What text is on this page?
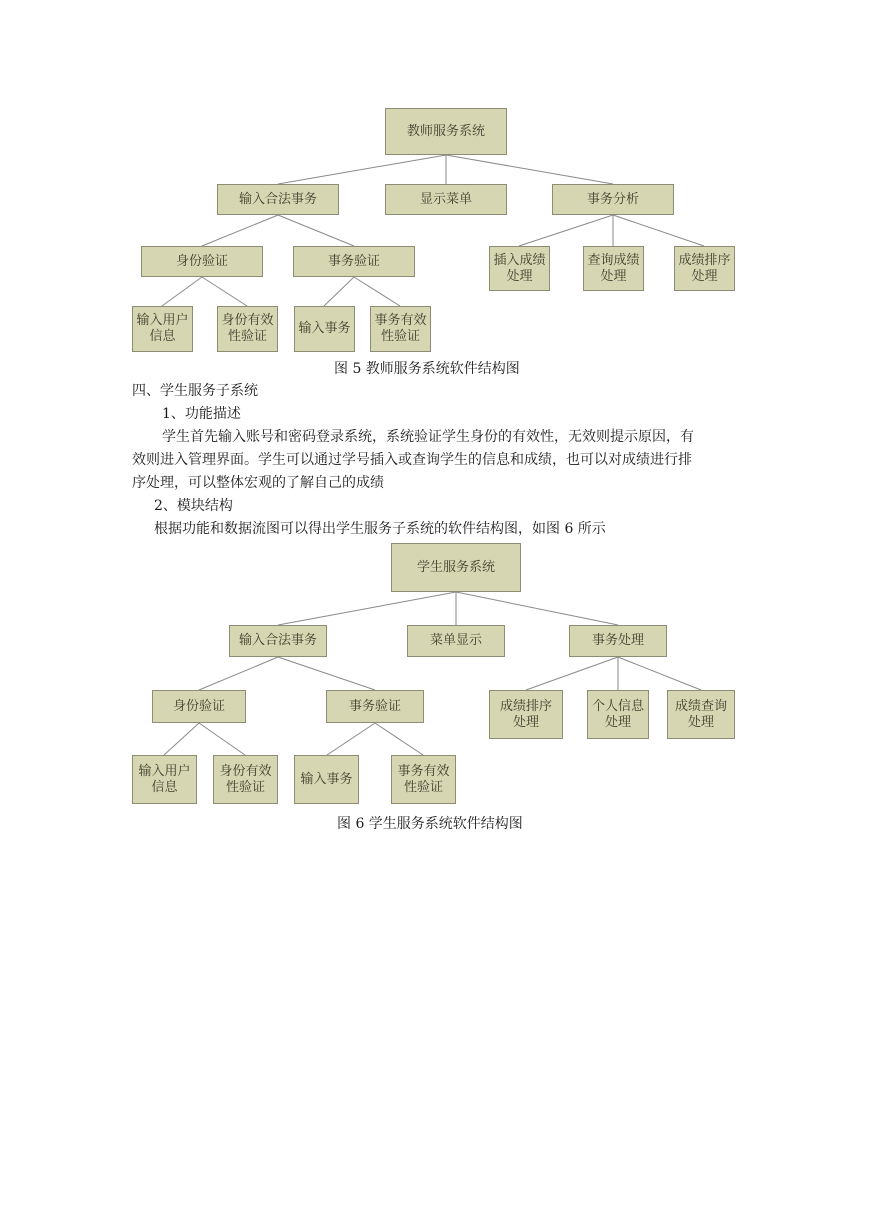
教师服务系统
输入合法事务	显示菜单	事务分析
身份验证	事务验证	插入成绩
处理
查询成绩
处理
成绩排序
处理
输入用户
信息
身份有效
性验证
输入事务
事务有效
性验证
图 5 教师服务系统软件结构图
四、学生服务子系统
1、功能描述
学生首先输入账号和密码登录系统，系统验证学生身份的有效性，无效则提示原因，有
效则进入管理界面。学生可以通过学号插入或查询学生的信息和成绩，也可以对成绩进行排
序处理，可以整体宏观的了解自己的成绩
2、模块结构
根据功能和数据流图可以得出学生服务子系统的软件结构图，如图 6 所示
学生服务系统
输入合法事务	菜单显示	事务处理
身份验证	事务验证	成绩排序
处理
个人信息
处理
成绩查询
处理
输入用户
信息
身份有效
性验证
输入事务
事务有效
性验证
图 6 学生服务系统软件结构图
